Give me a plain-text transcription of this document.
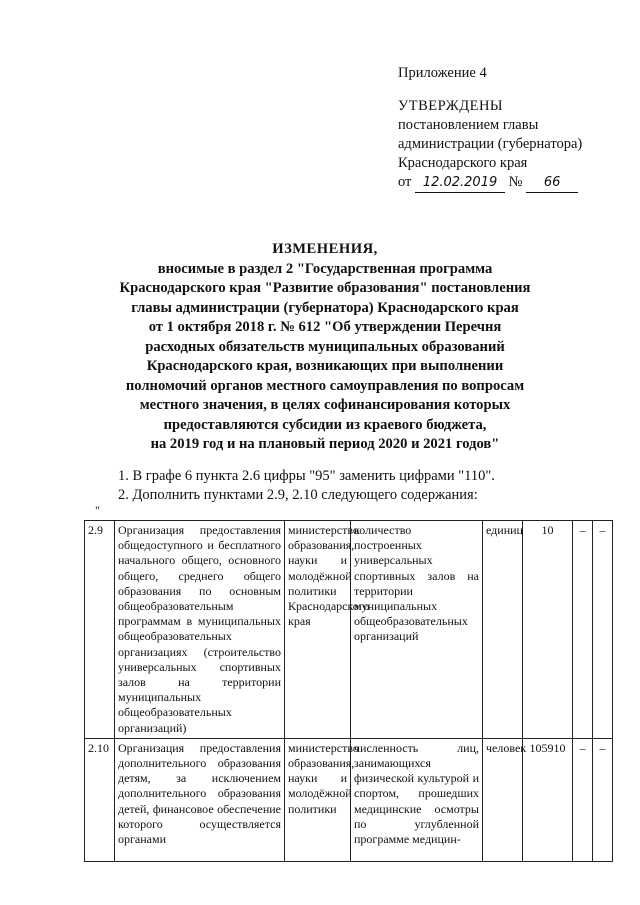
Приложение 4
УТВЕРЖДЕНЫ
постановлением главы
администрации (губернатора)
Краснодарского края
от 12.02.2019 № 66
ИЗМЕНЕНИЯ,
вносимые в раздел 2 "Государственная программа
Краснодарского края "Развитие образования" постановления
главы администрации (губернатора) Краснодарского края
от 1 октября 2018 г. № 612 "Об утверждении Перечня
расходных обязательств муниципальных образований
Краснодарского края, возникающих при выполнении
полномочий органов местного самоуправления по вопросам
местного значения, в целях софинансирования которых
предоставляются субсидии из краевого бюджета,
на 2019 год и на плановый период 2020 и 2021 годов"
1. В графе 6 пункта 2.6 цифры "95" заменить цифрами "110".
2. Дополнить пунктами 2.9, 2.10 следующего содержания:
"
2.9	Организация предоставления общедоступного и бесплатного начального общего, основного общего, среднего общего образования по основным общеобразовательным программам в муниципальных общеобразовательных организациях (строительство универсальных спортивных залов на территории муниципальных общеобразовательных организаций)	министерство образования, науки и молодёжной политики Краснодарского края	количество построенных универсальных спортивных залов на территории муниципальных общеобразовательных организаций	единиц	10	–	–
2.10	Организация предоставления дополнительного образования детям, за исключением дополнительного образования детей, финансовое обеспечение которого осуществляется органами	министерство образования, науки и молодёжной политики	численность лиц, занимающихся физической культурой и спортом, прошедших медицинские осмотры по углубленной программе медицин-	человек	105910	–	–
